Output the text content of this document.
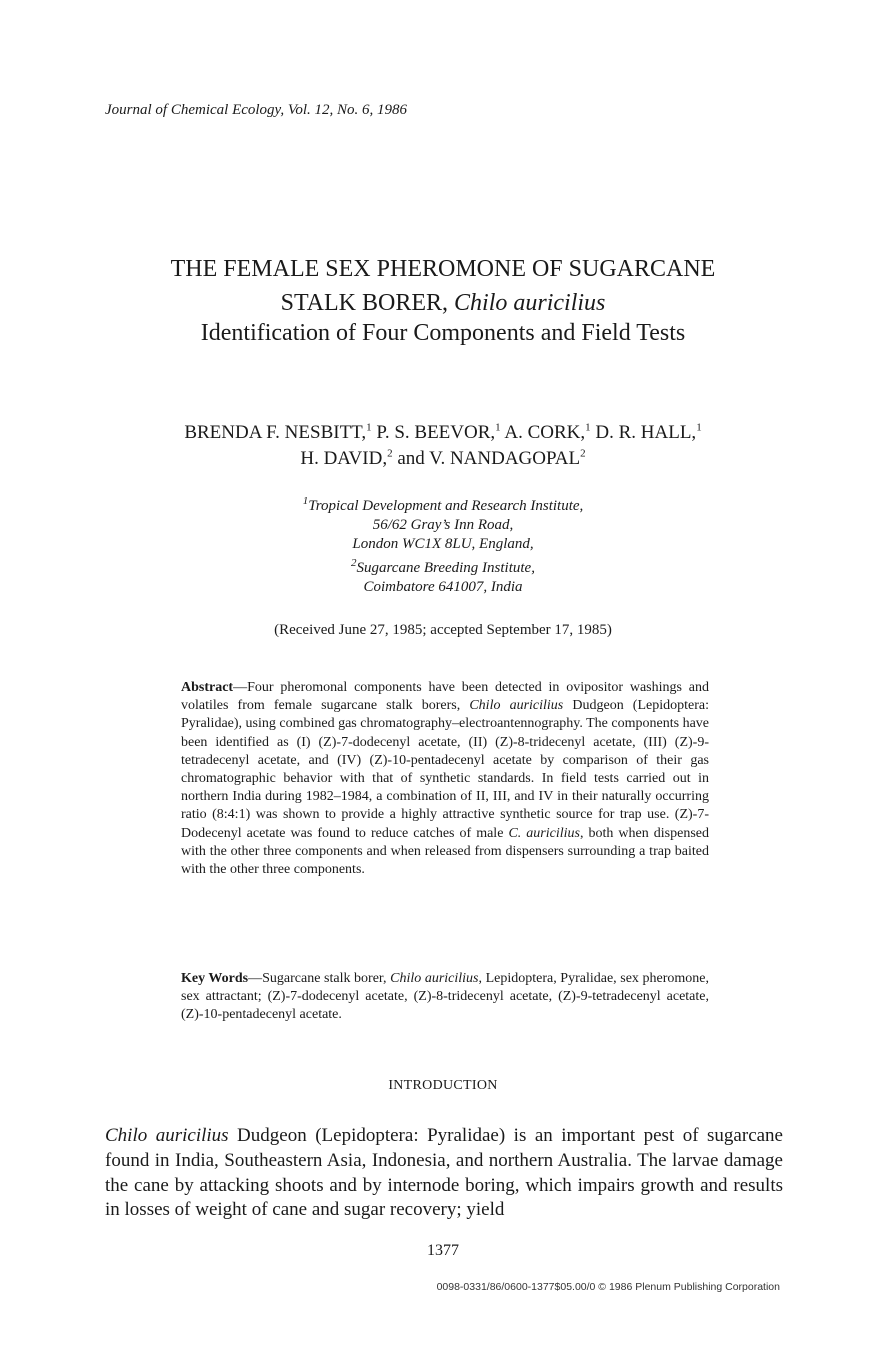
Journal of Chemical Ecology, Vol. 12, No. 6, 1986
THE FEMALE SEX PHEROMONE OF SUGARCANE
STALK BORER, Chilo auricilius
Identification of Four Components and Field Tests
BRENDA F. NESBITT,$^1$ P. S. BEEVOR,$^1$ A. CORK,$^1$ D. R. HALL,$^1$
H. DAVID,$^2$ and V. NANDAGOPAL$^2$
$^1$Tropical Development and Research Institute,
56/62 Gray’s Inn Road,
London WC1X 8LU, England,
$^2$Sugarcane Breeding Institute,
Coimbatore 641007, India
(Received June 27, 1985; accepted September 17, 1985)
Abstract—Four pheromonal components have been detected in ovipositor washings and volatiles from female sugarcane stalk borers, Chilo auricilius Dudgeon (Lepidoptera: Pyralidae), using combined gas chromatography–electroantennography. The components have been identified as (I) (Z)-7-dodecenyl acetate, (II) (Z)-8-tridecenyl acetate, (III) (Z)-9-tetradecenyl acetate, and (IV) (Z)-10-pentadecenyl acetate by comparison of their gas chromatographic behavior with that of synthetic standards. In field tests carried out in northern India during 1982–1984, a combination of II, III, and IV in their naturally occurring ratio (8:4:1) was shown to provide a highly attractive synthetic source for trap use. (Z)-7-Dodecenyl acetate was found to reduce catches of male C. auricilius, both when dispensed with the other three components and when released from dispensers surrounding a trap baited with the other three components.
Key Words—Sugarcane stalk borer, Chilo auricilius, Lepidoptera, Pyralidae, sex pheromone, sex attractant; (Z)-7-dodecenyl acetate, (Z)-8-tridecenyl acetate, (Z)-9-tetradecenyl acetate, (Z)-10-pentadecenyl acetate.
INTRODUCTION
Chilo auricilius Dudgeon (Lepidoptera: Pyralidae) is an important pest of sugarcane found in India, Southeastern Asia, Indonesia, and northern Australia. The larvae damage the cane by attacking shoots and by internode boring, which impairs growth and results in losses of weight of cane and sugar recovery; yield
1377
0098-0331/86/0600-1377$05.00/0 © 1986 Plenum Publishing Corporation
